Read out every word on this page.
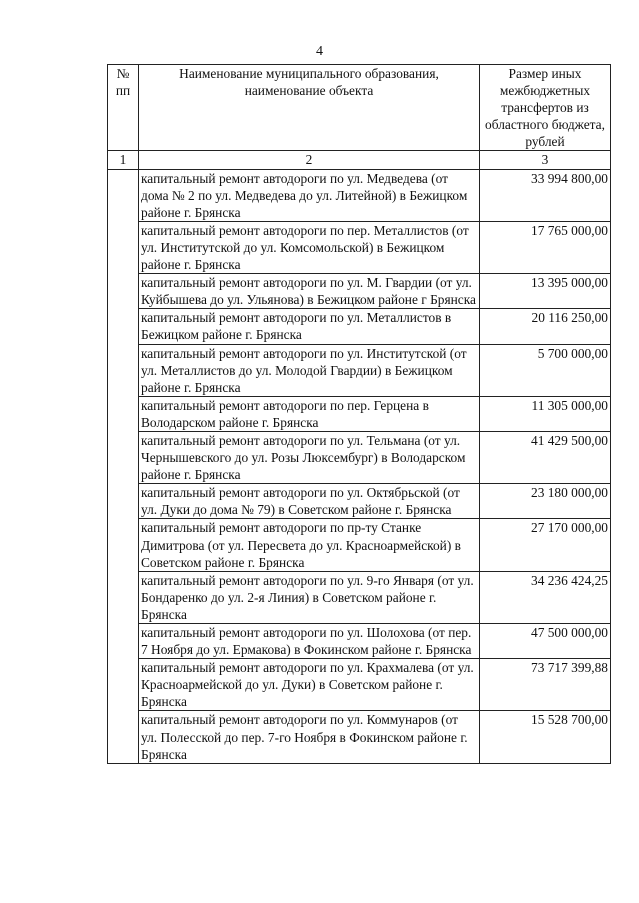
4
№ пп	Наименование муниципального образования, наименование объекта	Размер иных межбюджетных трансфертов из областного бюджета, рублей
1	2	3
	капитальный ремонт автодороги по ул. Медведева (от дома № 2 по ул. Медведева до ул. Литейной) в Бежицком районе г. Брянска	33 994 800,00
	капитальный ремонт автодороги по пер. Металлистов (от ул. Институтской до ул. Комсомольской) в Бежицком районе г. Брянска	17 765 000,00
	капитальный ремонт автодороги по ул. М. Гвардии (от ул. Куйбышева до ул. Ульянова) в Бежицком районе г Брянска	13 395 000,00
	капитальный ремонт автодороги по ул. Металлистов в Бежицком районе г. Брянска	20 116 250,00
	капитальный ремонт автодороги по ул. Институтской (от ул. Металлистов до ул. Молодой Гвардии) в Бежицком районе г. Брянска	5 700 000,00
	капитальный ремонт автодороги по пер. Герцена в Володарском районе г. Брянска	11 305 000,00
	капитальный ремонт автодороги по ул. Тельмана (от ул. Чернышевского до ул. Розы Люксембург) в Володарском районе г. Брянска	41 429 500,00
	капитальный ремонт автодороги по ул. Октябрьской (от ул. Дуки до дома № 79) в Советском районе г. Брянска	23 180 000,00
	капитальный ремонт автодороги по пр-ту Станке Димитрова (от ул. Пересвета до ул. Красноармейской) в Советском районе г. Брянска	27 170 000,00
	капитальный ремонт автодороги по ул. 9-го Января (от ул. Бондаренко до ул. 2-я Линия) в Советском районе г. Брянска	34 236 424,25
	капитальный ремонт автодороги по ул. Шолохова (от пер. 7 Ноября до ул. Ермакова) в Фокинском районе г. Брянска	47 500 000,00
	капитальный ремонт автодороги по ул. Крахмалева (от ул. Красноармейской до ул. Дуки) в Советском районе г. Брянска	73 717 399,88
	капитальный ремонт автодороги по ул. Коммунаров (от ул. Полесской до пер. 7-го Ноября в Фокинском районе г. Брянска	15 528 700,00
